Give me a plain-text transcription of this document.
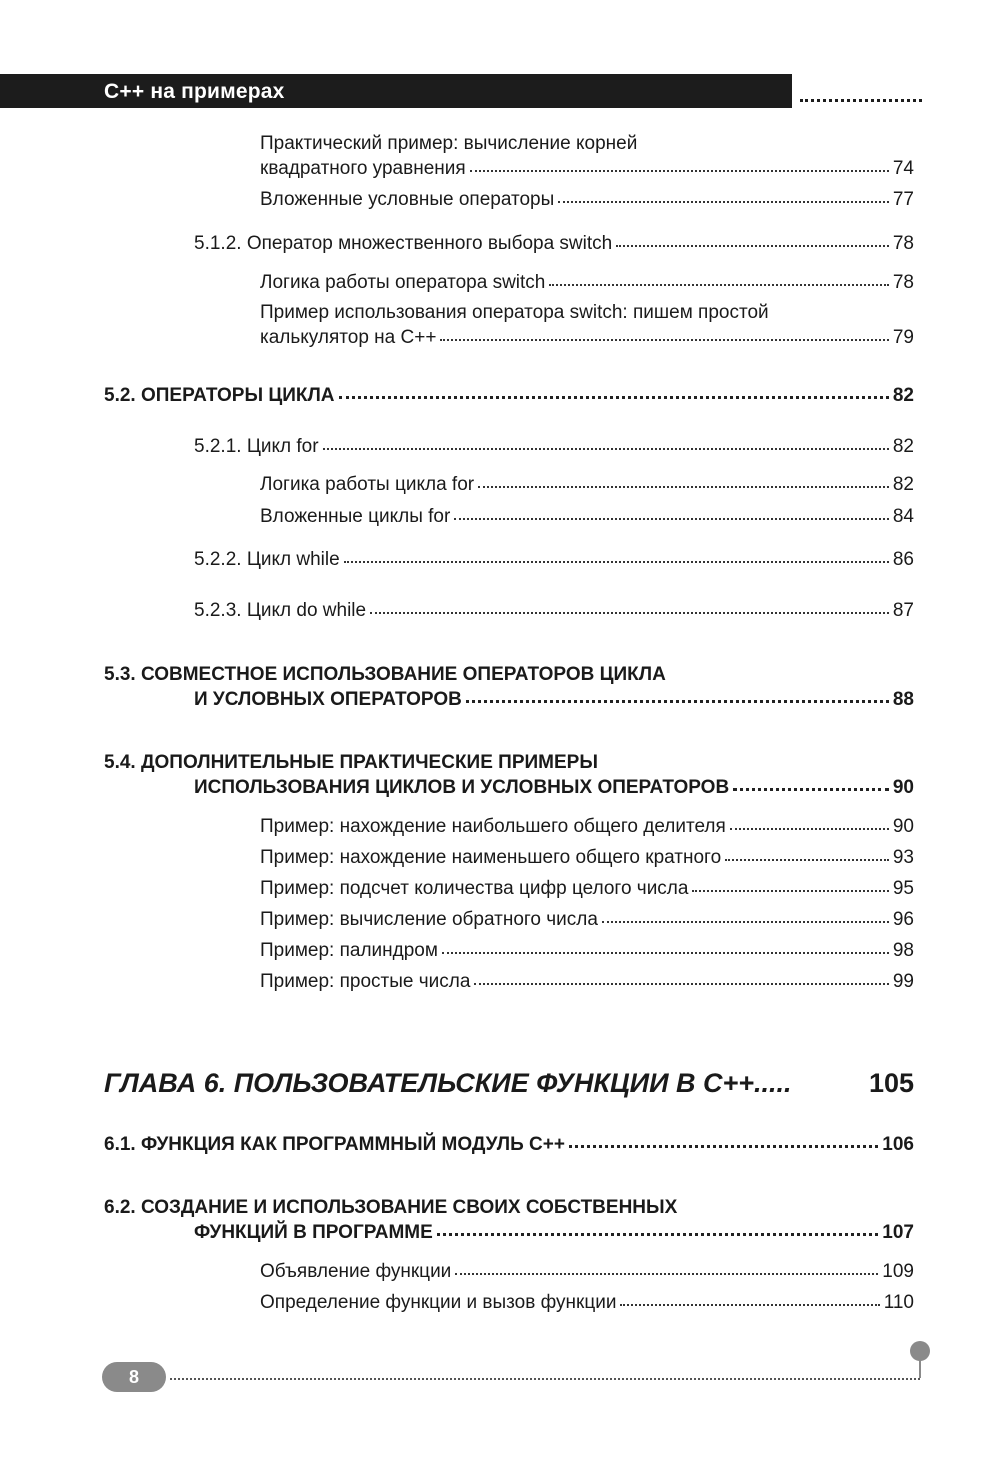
C++ на примерах
Практический пример: вычисление корней
квадратного уравнения	74
Вложенные условные операторы	77
5.1.2. Оператор множественного выбора switch	78
Логика работы оператора switch	78
Пример использования оператора switch: пишем простой
калькулятор на C++	79
5.2. ОПЕРАТОРЫ ЦИКЛА	82
5.2.1. Цикл for	82
Логика работы цикла for	82
Вложенные циклы for	84
5.2.2. Цикл while	86
5.2.3. Цикл do while	87
5.3. СОВМЕСТНОЕ ИСПОЛЬЗОВАНИЕ ОПЕРАТОРОВ ЦИКЛА
И УСЛОВНЫХ ОПЕРАТОРОВ	88
5.4. ДОПОЛНИТЕЛЬНЫЕ ПРАКТИЧЕСКИЕ ПРИМЕРЫ
ИСПОЛЬЗОВАНИЯ ЦИКЛОВ И УСЛОВНЫХ ОПЕРАТОРОВ	90
Пример: нахождение наибольшего общего делителя	90
Пример: нахождение наименьшего общего кратного	93
Пример: подсчет количества цифр целого числа	95
Пример: вычисление обратного числа	96
Пример: палиндром	98
Пример: простые числа	99
ГЛАВА 6. ПОЛЬЗОВАТЕЛЬСКИЕ ФУНКЦИИ В C++ .....	105
6.1. ФУНКЦИЯ КАК ПРОГРАММНЫЙ МОДУЛЬ C++	106
6.2. СОЗДАНИЕ И ИСПОЛЬЗОВАНИЕ СВОИХ СОБСТВЕННЫХ
ФУНКЦИЙ В ПРОГРАММЕ	107
Объявление функции	109
Определение функции и вызов функции	110
8
